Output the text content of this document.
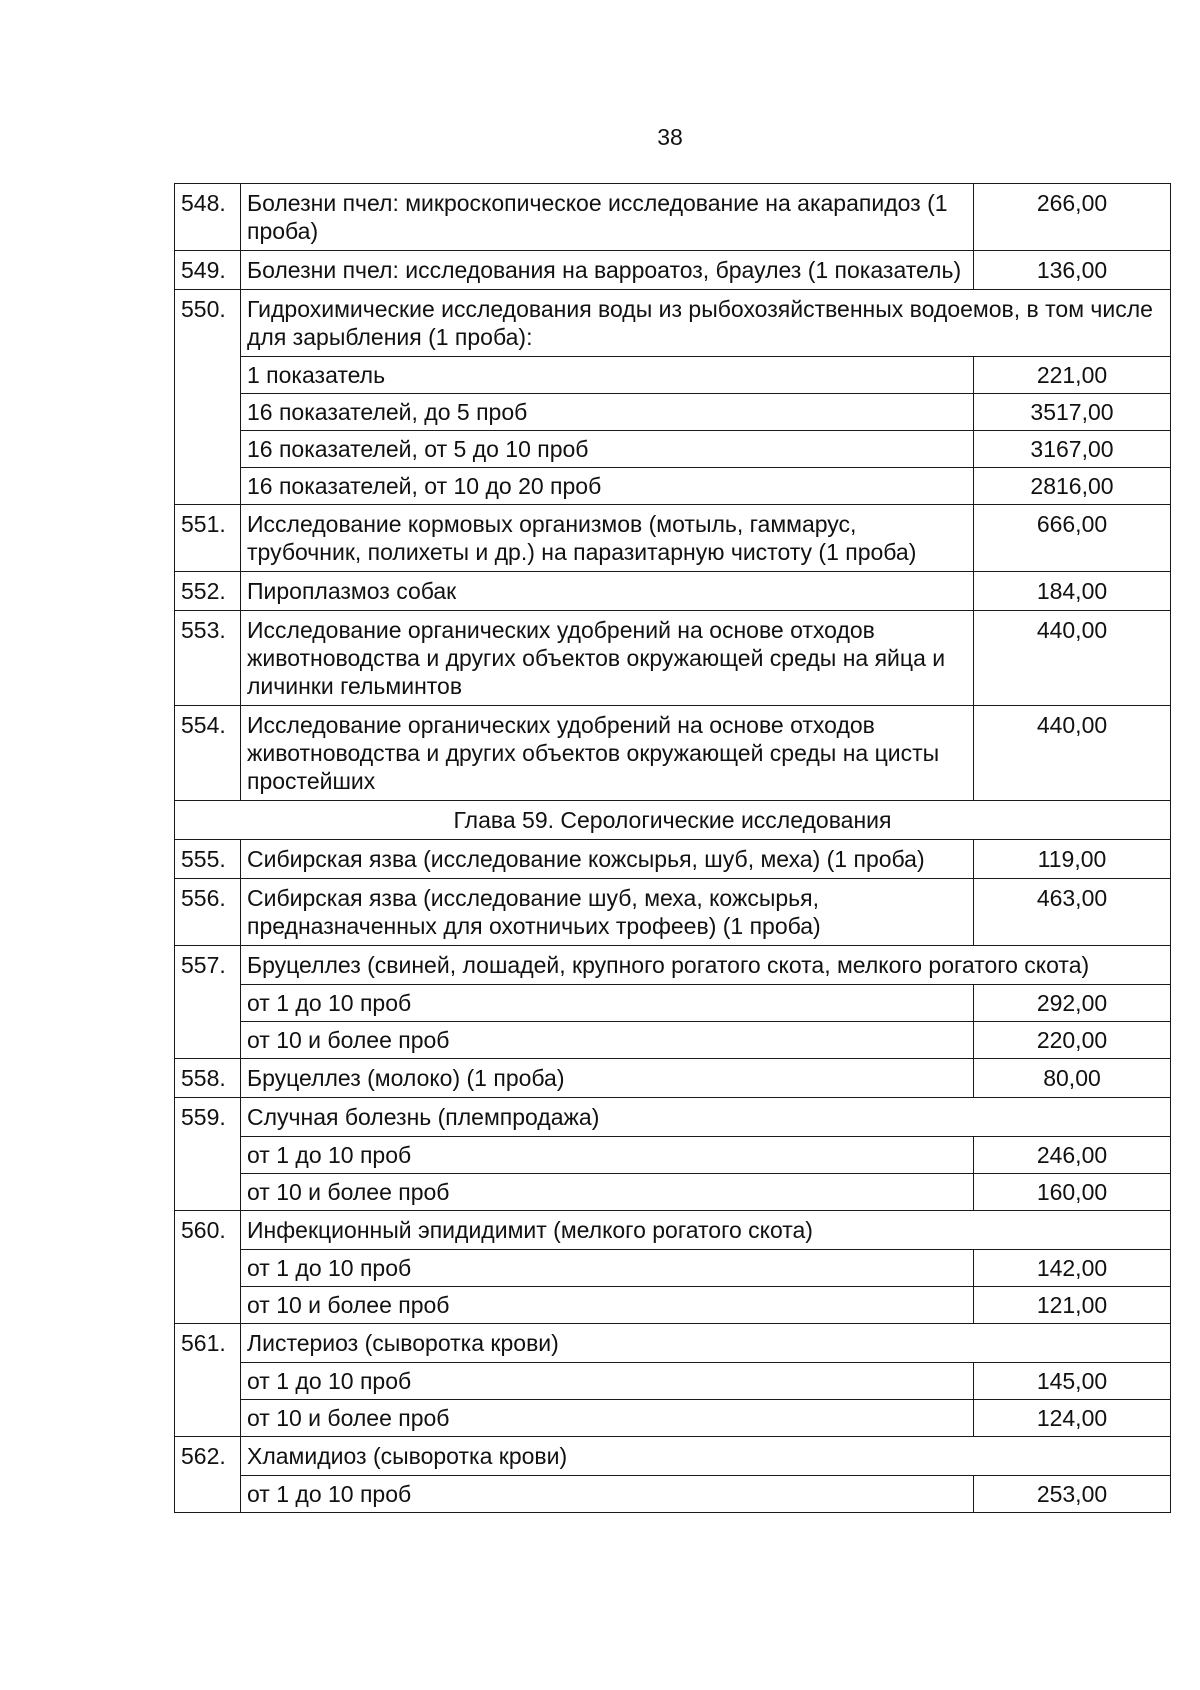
38
548.	Болезни пчел: микроскопическое исследование на акарапидоз (1 проба)	266,00
549.	Болезни пчел: исследования на варроатоз, браулез (1 показатель)	136,00
550.	Гидрохимические исследования воды из рыбохозяйственных водоемов, в том числе для зарыбления (1 проба):	
	1 показатель	221,00
	16 показателей, до 5 проб	3517,00
	16 показателей, от 5 до 10 проб	3167,00
	16 показателей, от 10 до 20 проб	2816,00
551.	Исследование кормовых организмов (мотыль, гаммарус, трубочник, полихеты и др.) на паразитарную чистоту (1 проба)	666,00
552.	Пироплазмоз собак	184,00
553.	Исследование органических удобрений на основе отходов животноводства и других объектов окружающей среды на яйца и личинки гельминтов	440,00
554.	Исследование органических удобрений на основе отходов животноводства и других объектов окружающей среды на цисты простейших	440,00
Глава 59. Серологические исследования		
555.	Сибирская язва (исследование кожсырья, шуб, меха) (1 проба)	119,00
556.	Сибирская язва (исследование шуб, меха, кожсырья, предназначенных для охотничьих трофеев) (1 проба)	463,00
557.	Бруцеллез (свиней, лошадей, крупного рогатого скота, мелкого рогатого скота)	
	от 1 до 10 проб	292,00
	от 10 и более проб	220,00
558.	Бруцеллез (молоко) (1 проба)	80,00
559.	Случная болезнь (племпродажа)	
	от 1 до 10 проб	246,00
	от 10 и более проб	160,00
560.	Инфекционный эпидидимит (мелкого рогатого скота)	
	от 1 до 10 проб	142,00
	от 10 и более проб	121,00
561.	Листериоз (сыворотка крови)	
	от 1 до 10 проб	145,00
	от 10 и более проб	124,00
562.	Хламидиоз (сыворотка крови)	
	от 1 до 10 проб	253,00
